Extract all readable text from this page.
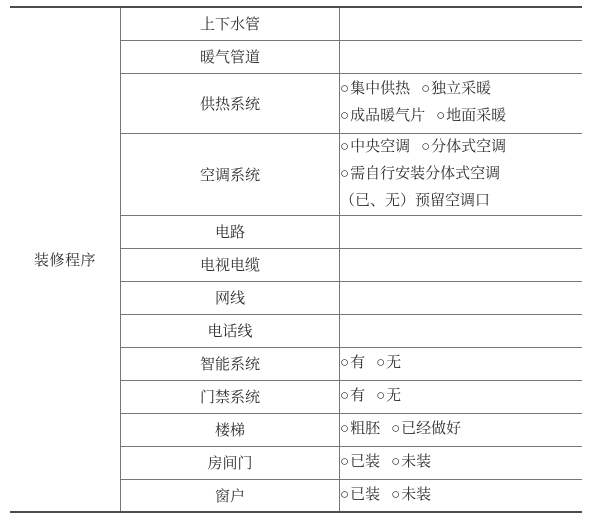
装修程序	上下水管	
	暖气管道	
	供热系统	○集中供热 ○独立采暖
○成品暖气片 ○地面采暖

	空调系统	○中央空调 ○分体式空调
○需自行安装分体式空调
（已、无）预留空调口

	电路	
	电视电缆	
	网线	
	电话线	
	智能系统	○有 ○无

	门禁系统	○有 ○无

	楼梯	○粗胚 ○已经做好

	房间门	○已装 ○未装

	窗户	○已装 ○未装
